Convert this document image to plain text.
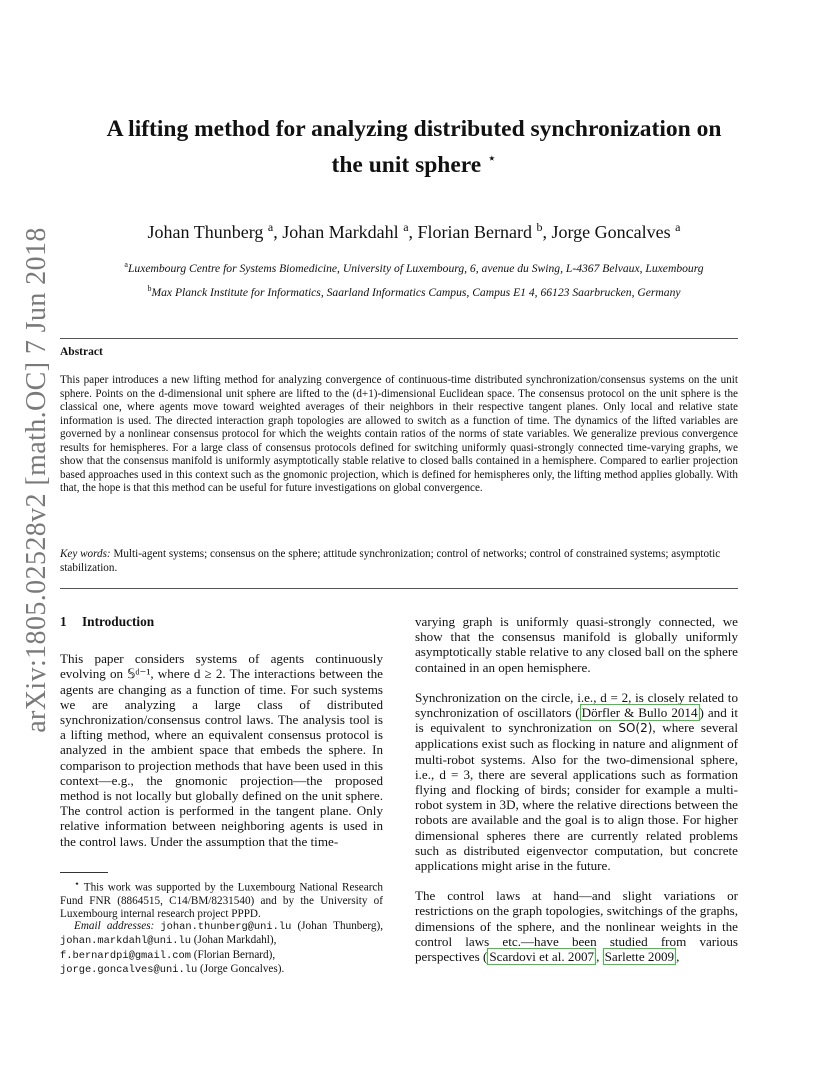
arXiv:1805.02528v2 [math.OC] 7 Jun 2018
A lifting method for analyzing distributed synchronization on
the unit sphere ⋆
Johan Thunberg $^a$, Johan Markdahl $^a$, Florian Bernard $^b$, Jorge Goncalves $^a$
$^a$Luxembourg Centre for Systems Biomedicine, University of Luxembourg, 6, avenue du Swing, L-4367 Belvaux, Luxembourg
$^b$Max Planck Institute for Informatics, Saarland Informatics Campus, Campus E1 4, 66123 Saarbrucken, Germany
Abstract
This paper introduces a new lifting method for analyzing convergence of continuous-time distributed synchronization/consensus systems on the unit sphere. Points on the d-dimensional unit sphere are lifted to the (d+1)-dimensional Euclidean space. The consensus protocol on the unit sphere is the classical one, where agents move toward weighted averages of their neighbors in their respective tangent planes. Only local and relative state information is used. The directed interaction graph topologies are allowed to switch as a function of time. The dynamics of the lifted variables are governed by a nonlinear consensus protocol for which the weights contain ratios of the norms of state variables. We generalize previous convergence results for hemispheres. For a large class of consensus protocols defined for switching uniformly quasi-strongly connected time-varying graphs, we show that the consensus manifold is uniformly asymptotically stable relative to closed balls contained in a hemisphere. Compared to earlier projection based approaches used in this context such as the gnomonic projection, which is defined for hemispheres only, the lifting method applies globally. With that, the hope is that this method can be useful for future investigations on global convergence.
Key words: Multi-agent systems; consensus on the sphere; attitude synchronization; control of networks; control of constrained systems; asymptotic stabilization.

1 Introduction

This paper considers systems of agents continuously evolving on 𝕊ᵈ⁻¹, where d ≥ 2. The interactions between the agents are changing as a function of time. For such systems we are analyzing a large class of distributed synchronization/consensus control laws. The analysis tool is a lifting method, where an equivalent consensus protocol is analyzed in the ambient space that embeds the sphere. In comparison to projection methods that have been used in this context—e.g., the gnomonic projection—the proposed method is not locally but globally defined on the unit sphere. The control action is performed in the tangent plane. Only relative information between neighboring agents is used in the control laws. Under the assumption that the time-

varying graph is uniformly quasi-strongly connected, we show that the consensus manifold is globally uniformly asymptotically stable relative to any closed ball on the sphere contained in an open hemisphere.

Synchronization on the circle, i.e., d = 2, is closely related to synchronization of oscillators ( Dörfler & Bullo 2014 ) and it is equivalent to synchronization on SO(2), where several applications exist such as flocking in nature and alignment of multi-robot systems. Also for the two-dimensional sphere, i.e., d = 3, there are several applications such as formation flying and flocking of birds; consider for example a multi-robot system in 3D, where the relative directions between the robots are available and the goal is to align those. For higher dimensional spheres there are currently related problems such as distributed eigenvector computation, but concrete applications might arise in the future.

The control laws at hand—and slight variations or restrictions on the graph topologies, switchings of the graphs, dimensions of the sphere, and the nonlinear weights in the control laws etc.—have been studied from various perspectives ( Scardovi et al. 2007 , Sarlette 2009 ,

⋆ This work was supported by the Luxembourg National Research Fund FNR (8864515, C14/BM/8231540) and by the University of Luxembourg internal research project PPPD.
Email addresses: johan.thunberg@uni.lu (Johan Thunberg), johan.markdahl@uni.lu (Johan Markdahl),
f.bernardpi@gmail.com (Florian Bernard),
jorge.goncalves@uni.lu (Jorge Goncalves).
